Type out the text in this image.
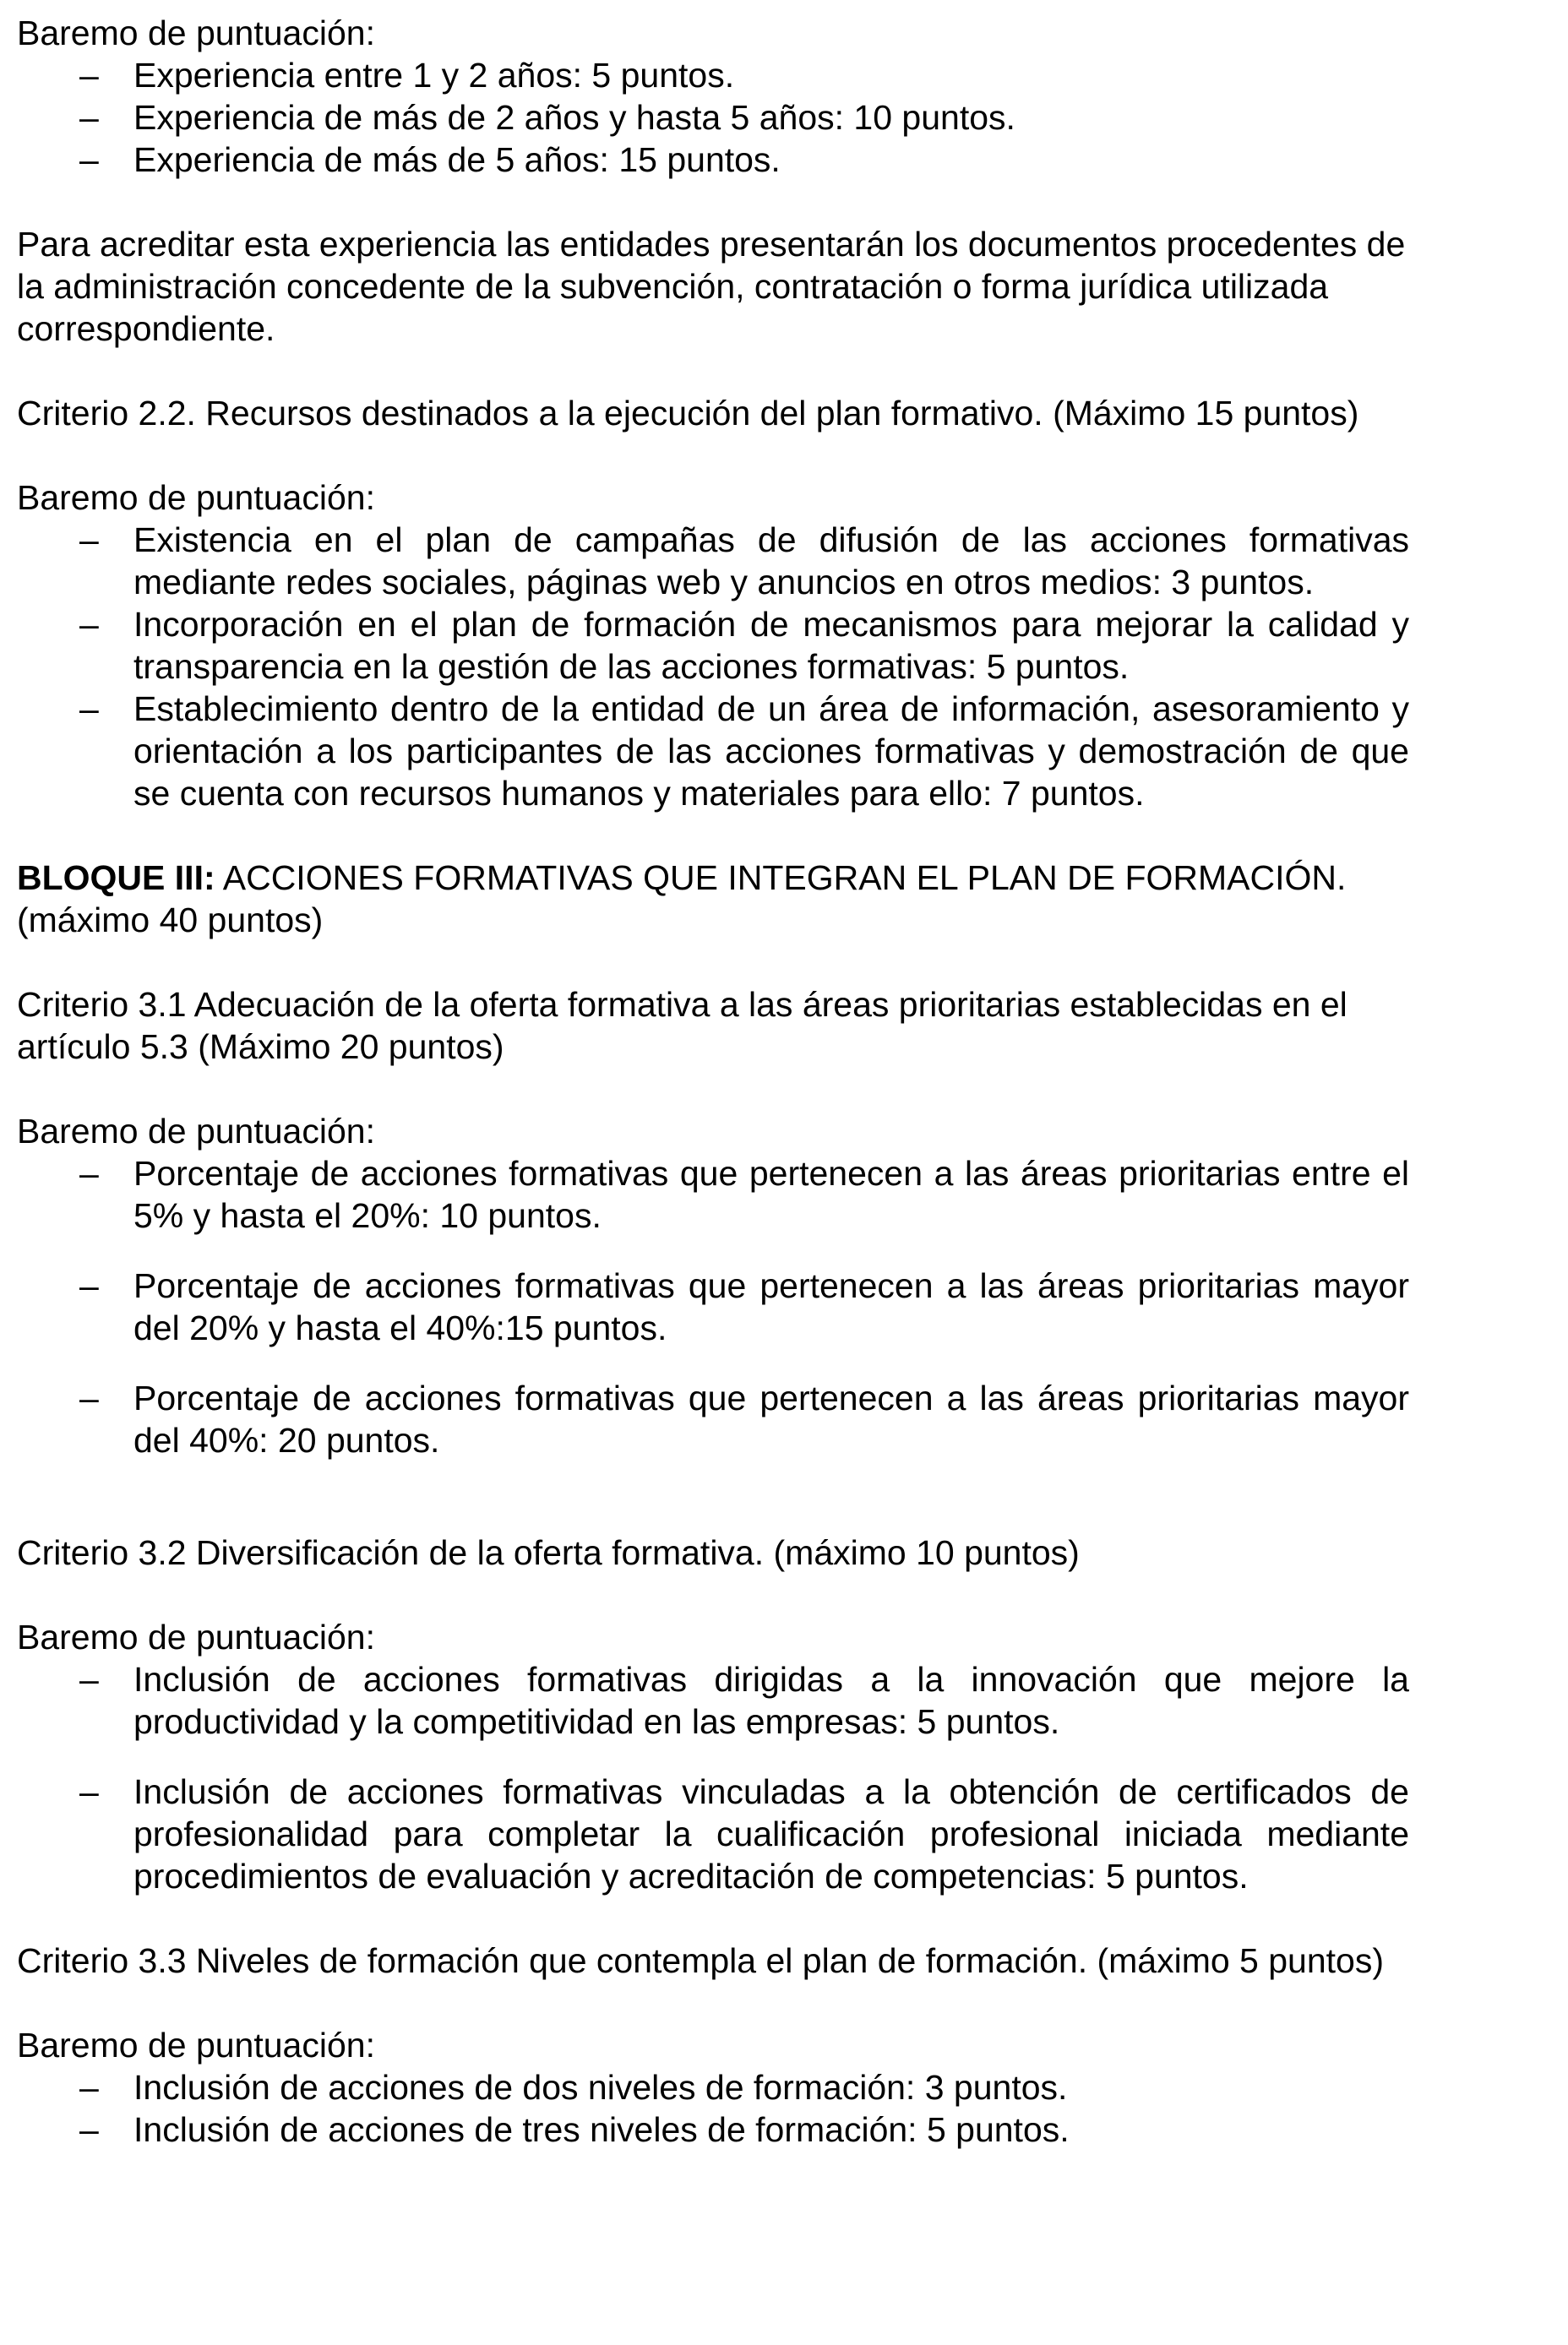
Baremo de puntuación:

– Experiencia entre 1 y 2 años: 5 puntos.
– Experiencia de más de 2 años y hasta 5 años: 10 puntos.
– Experiencia de más de 5 años: 15 puntos.

Para acreditar esta experiencia las entidades presentarán los documentos procedentes de la administración concedente de la subvención, contratación o forma jurídica utilizada correspondiente.

Criterio 2.2. Recursos destinados a la ejecución del plan formativo. (Máximo 15 puntos)

Baremo de puntuación:

– Existencia en el plan de campañas de difusión de las acciones formativas mediante redes sociales, páginas web y anuncios en otros medios: 3 puntos.
– Incorporación en el plan de formación de mecanismos para mejorar la calidad y transparencia en la gestión de las acciones formativas: 5 puntos.
– Establecimiento dentro de la entidad de un área de información, asesoramiento y orientación a los participantes de las acciones formativas y demostración de que se cuenta con recursos humanos y materiales para ello: 7 puntos.

BLOQUE III: ACCIONES FORMATIVAS QUE INTEGRAN EL PLAN DE FORMACIÓN. (máximo 40 puntos)

Criterio 3.1 Adecuación de la oferta formativa a las áreas prioritarias establecidas en el artículo 5.3 (Máximo 20 puntos)

Baremo de puntuación:

– Porcentaje de acciones formativas que pertenecen a las áreas prioritarias entre el 5% y hasta el 20%: 10 puntos.
– Porcentaje de acciones formativas que pertenecen a las áreas prioritarias mayor del 20% y hasta el 40%:15 puntos.
– Porcentaje de acciones formativas que pertenecen a las áreas prioritarias mayor del 40%: 20 puntos.

Criterio 3.2 Diversificación de la oferta formativa. (máximo 10 puntos)

Baremo de puntuación:

– Inclusión de acciones formativas dirigidas a la innovación que mejore la productividad y la competitividad en las empresas: 5 puntos.
– Inclusión de acciones formativas vinculadas a la obtención de certificados de profesionalidad para completar la cualificación profesional iniciada mediante procedimientos de evaluación y acreditación de competencias: 5 puntos.

Criterio 3.3 Niveles de formación que contempla el plan de formación. (máximo 5 puntos)

Baremo de puntuación:

– Inclusión de acciones de dos niveles de formación: 3 puntos.
– Inclusión de acciones de tres niveles de formación: 5 puntos.
